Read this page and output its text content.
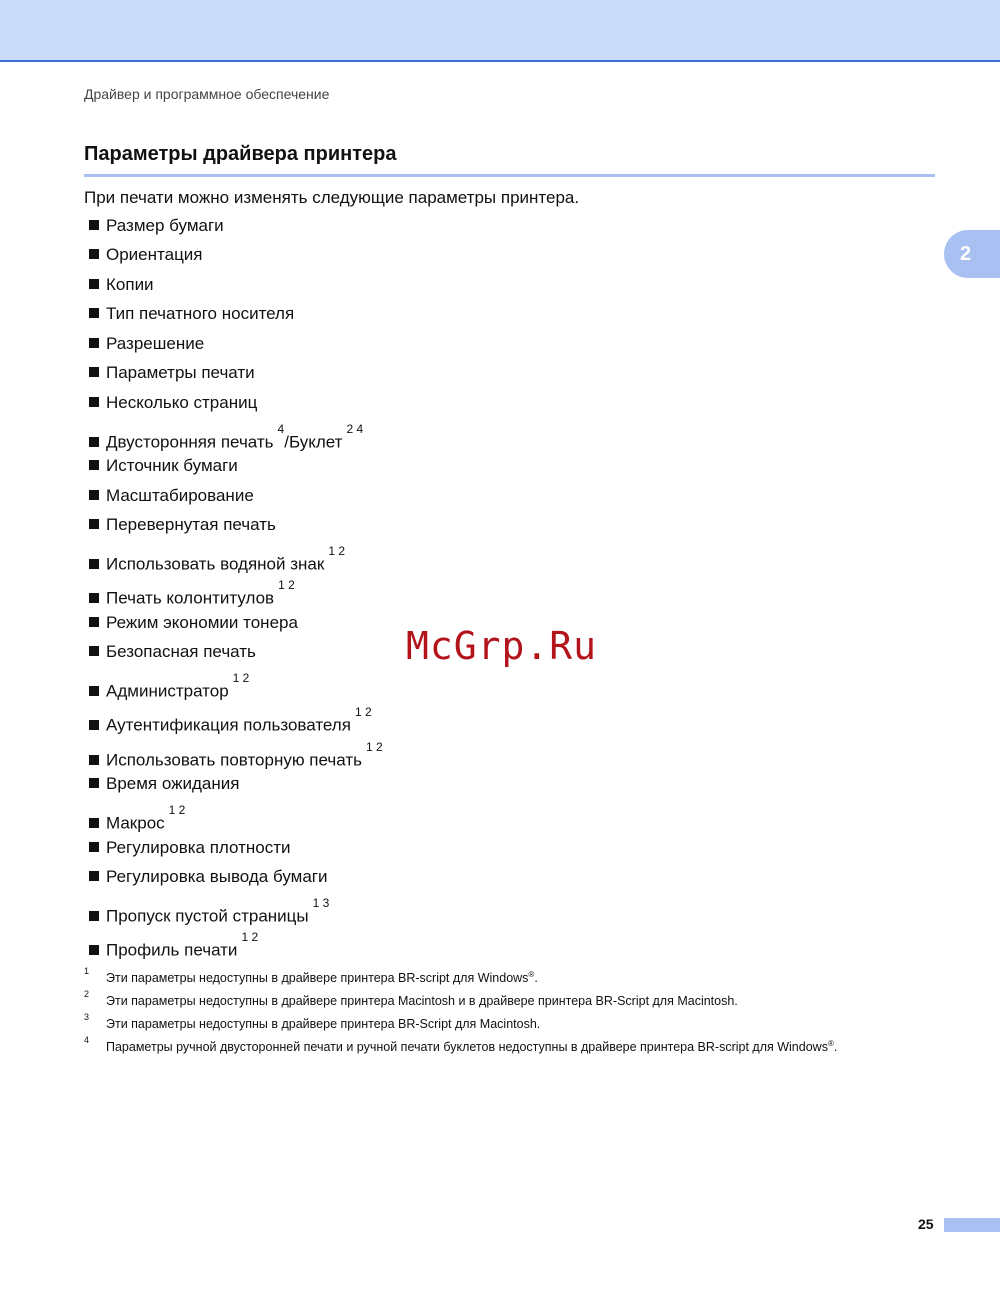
Драйвер и программное обеспечение
Параметры драйвера принтера
2
При печати можно изменять следующие параметры принтера.
Размер бумаги
Ориентация
Копии
Тип печатного носителя
Разрешение
Параметры печати
Несколько страниц
Двусторонняя печать$^4$/Буклет$^{2 4}$
Источник бумаги
Масштабирование
Перевернутая печать
Использовать водяной знак$^{1 2}$
Печать колонтитулов$^{1 2}$
Режим экономии тонера
Безопасная печать
Администратор$^{1 2}$
Аутентификация пользователя$^{1 2}$
Использовать повторную печать$^{1 2}$
Время ожидания
Макрос$^{1 2}$
Регулировка плотности
Регулировка вывода бумаги
Пропуск пустой страницы$^{1 3}$
Профиль печати$^{1 2}$
1 Эти параметры недоступны в драйвере принтера BR-script для Windows®.
2 Эти параметры недоступны в драйвере принтера Macintosh и в драйвере принтера BR-Script для Macintosh.
3 Эти параметры недоступны в драйвере принтера BR-Script для Macintosh.
4 Параметры ручной двусторонней печати и ручной печати буклетов недоступны в драйвере принтера BR-script для Windows®.
McGrp.Ru
25
